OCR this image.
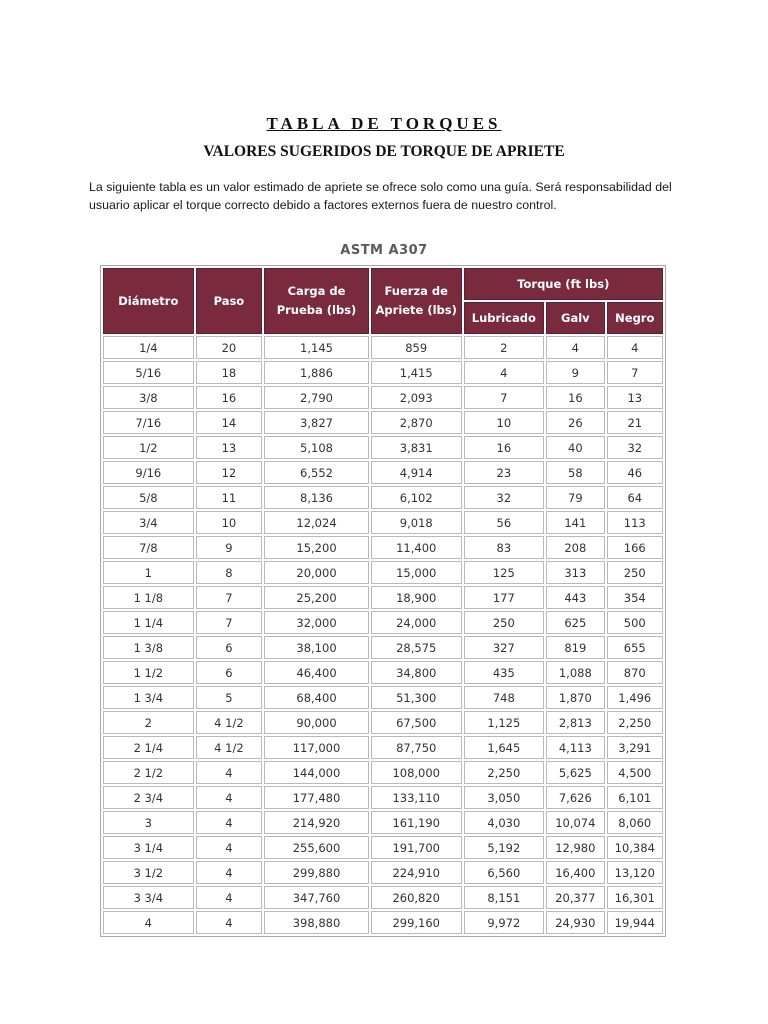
TABLA DE TORQUES
VALORES SUGERIDOS DE TORQUE DE APRIETE
La siguiente tabla es un valor estimado de apriete se ofrece solo como una guía. Será responsabilidad del usuario aplicar el torque correcto debido a factores externos fuera de nuestro control.
ASTM A307
Diámetro	Paso	Carga de Prueba (lbs)	Fuerza de Apriete (lbs)	Torque (ft lbs)		
				Lubricado	Galv	Negro
1/4	20	1,145	859	2	4	4
5/16	18	1,886	1,415	4	9	7
3/8	16	2,790	2,093	7	16	13
7/16	14	3,827	2,870	10	26	21
1/2	13	5,108	3,831	16	40	32
9/16	12	6,552	4,914	23	58	46
5/8	11	8,136	6,102	32	79	64
3/4	10	12,024	9,018	56	141	113
7/8	9	15,200	11,400	83	208	166
1	8	20,000	15,000	125	313	250
1 1/8	7	25,200	18,900	177	443	354
1 1/4	7	32,000	24,000	250	625	500
1 3/8	6	38,100	28,575	327	819	655
1 1/2	6	46,400	34,800	435	1,088	870
1 3/4	5	68,400	51,300	748	1,870	1,496
2	4 1/2	90,000	67,500	1,125	2,813	2,250
2 1/4	4 1/2	117,000	87,750	1,645	4,113	3,291
2 1/2	4	144,000	108,000	2,250	5,625	4,500
2 3/4	4	177,480	133,110	3,050	7,626	6,101
3	4	214,920	161,190	4,030	10,074	8,060
3 1/4	4	255,600	191,700	5,192	12,980	10,384
3 1/2	4	299,880	224,910	6,560	16,400	13,120
3 3/4	4	347,760	260,820	8,151	20,377	16,301
4	4	398,880	299,160	9,972	24,930	19,944
